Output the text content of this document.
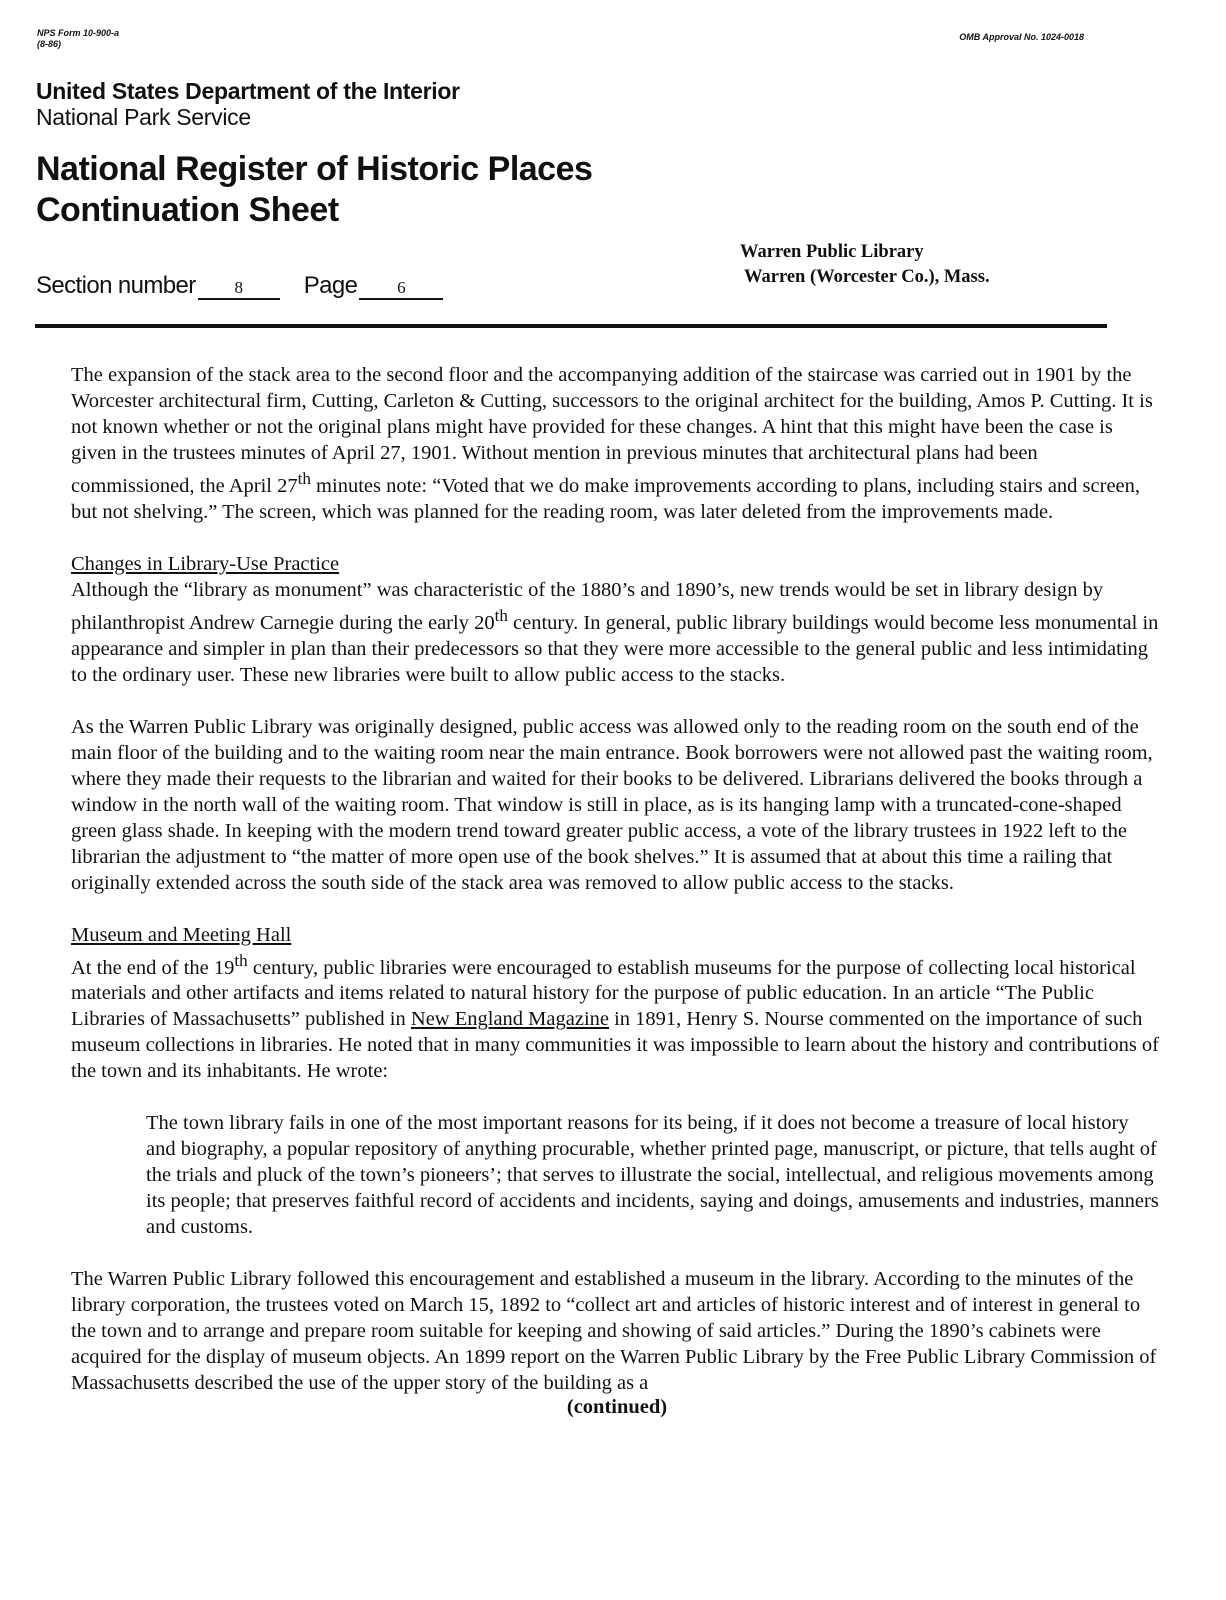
NPS Form 10-900-a
(8-86)
OMB Approval No. 1024-0018
United States Department of the Interior
National Park Service
National Register of Historic Places
Continuation Sheet
Section number 8	Page 6
Warren Public Library
Warren (Worcester Co.), Mass.

The expansion of the stack area to the second floor and the accompanying addition of the staircase was carried out in 1901 by the Worcester architectural firm, Cutting, Carleton & Cutting, successors to the original architect for the building, Amos P. Cutting. It is not known whether or not the original plans might have provided for these changes. A hint that this might have been the case is given in the trustees minutes of April 27, 1901. Without mention in previous minutes that architectural plans had been commissioned, the April 27th minutes note: “Voted that we do make improvements according to plans, including stairs and screen, but not shelving.” The screen, which was planned for the reading room, was later deleted from the improvements made.

Changes in Library-Use Practice

Although the “library as monument” was characteristic of the 1880’s and 1890’s, new trends would be set in library design by philanthropist Andrew Carnegie during the early 20th century. In general, public library buildings would become less monumental in appearance and simpler in plan than their predecessors so that they were more accessible to the general public and less intimidating to the ordinary user. These new libraries were built to allow public access to the stacks.

As the Warren Public Library was originally designed, public access was allowed only to the reading room on the south end of the main floor of the building and to the waiting room near the main entrance. Book borrowers were not allowed past the waiting room, where they made their requests to the librarian and waited for their books to be delivered. Librarians delivered the books through a window in the north wall of the waiting room. That window is still in place, as is its hanging lamp with a truncated-cone-shaped green glass shade. In keeping with the modern trend toward greater public access, a vote of the library trustees in 1922 left to the librarian the adjustment to “the matter of more open use of the book shelves.” It is assumed that at about this time a railing that originally extended across the south side of the stack area was removed to allow public access to the stacks.

Museum and Meeting Hall

At the end of the 19th century, public libraries were encouraged to establish museums for the purpose of collecting local historical materials and other artifacts and items related to natural history for the purpose of public education. In an article “The Public Libraries of Massachusetts” published in New England Magazine in 1891, Henry S. Nourse commented on the importance of such museum collections in libraries. He noted that in many communities it was impossible to learn about the history and contributions of the town and its inhabitants. He wrote:

The town library fails in one of the most important reasons for its being, if it does not become a treasure of local history and biography, a popular repository of anything procurable, whether printed page, manuscript, or picture, that tells aught of the trials and pluck of the town’s pioneers’; that serves to illustrate the social, intellectual, and religious movements among its people; that preserves faithful record of accidents and incidents, saying and doings, amusements and industries, manners and customs.

The Warren Public Library followed this encouragement and established a museum in the library. According to the minutes of the library corporation, the trustees voted on March 15, 1892 to “collect art and articles of historic interest and of interest in general to the town and to arrange and prepare room suitable for keeping and showing of said articles.” During the 1890’s cabinets were acquired for the display of museum objects. An 1899 report on the Warren Public Library by the Free Public Library Commission of Massachusetts described the use of the upper story of the building as a

(continued)
